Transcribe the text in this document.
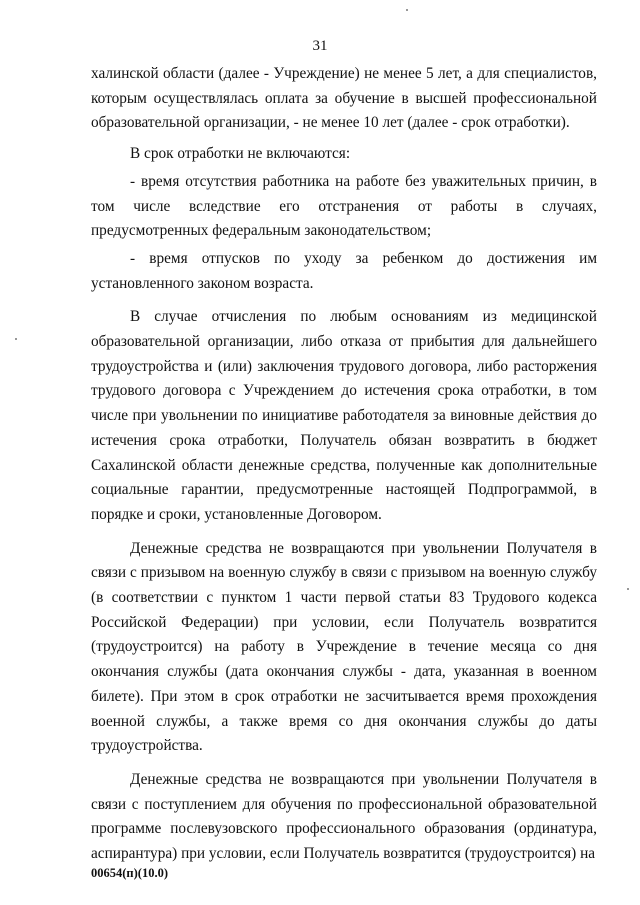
31

халинской области (далее - Учреждение) не менее 5 лет, а для специалистов, которым осуществлялась оплата за обучение в высшей профессиональной образовательной организации, - не менее 10 лет (далее - срок отработки).

В срок отработки не включаются:

- время отсутствия работника на работе без уважительных причин, в том числе вследствие его отстранения от работы в случаях, предусмотренных федеральным законодательством;

- время отпусков по уходу за ребенком до достижения им установленного законом возраста.

В случае отчисления по любым основаниям из медицинской образовательной организации, либо отказа от прибытия для дальнейшего трудоустройства и (или) заключения трудового договора, либо расторжения трудового договора с Учреждением до истечения срока отработки, в том числе при увольнении по инициативе работодателя за виновные действия до истечения срока отработки, Получатель обязан возвратить в бюджет Сахалинской области денежные средства, полученные как дополнительные социальные гарантии, предусмотренные настоящей Подпрограммой, в порядке и сроки, установленные Договором.

Денежные средства не возвращаются при увольнении Получателя в связи с призывом на военную службу в связи с призывом на военную службу (в соответствии с пунктом 1 части первой статьи 83 Трудового кодекса Российской Федерации) при условии, если Получатель возвратится (трудоустроится) на работу в Учреждение в течение месяца со дня окончания службы (дата окончания службы - дата, указанная в военном билете). При этом в срок отработки не засчитывается время прохождения военной службы, а также время со дня окончания службы до даты трудоустройства.

Денежные средства не возвращаются при увольнении Получателя в связи с поступлением для обучения по профессиональной образовательной программе послевузовского профессионального образования (ординатура, аспирантура) при условии, если Получатель возвратится (трудоустроится) на

00654(п)(10.0)
